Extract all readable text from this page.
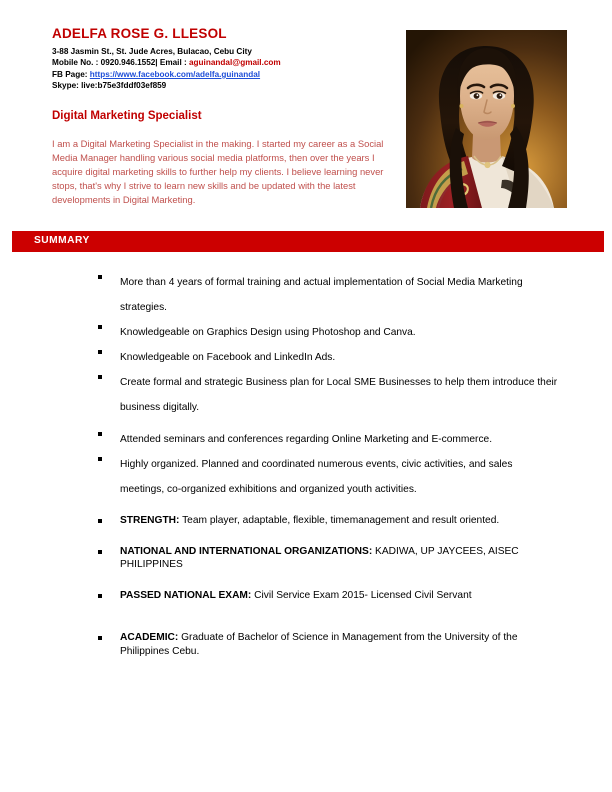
ADELFA ROSE G. LLESOL
3-88 Jasmin St., St. Jude Acres, Bulacao, Cebu City
Mobile No. : 0920.946.1552| Email : aguinandal@gmail.com
FB Page: https://www.facebook.com/adelfa.guinandal
Skype: live:b75e3fddf03ef859
Digital Marketing Specialist
I am a Digital Marketing Specialist in the making. I started my career as a Social Media Manager handling various social media platforms, then over the years I acquire digital marketing skills to further help my clients. I believe learning never stops, that's why I strive to learn new skills and be updated with the latest developments in Digital Marketing.
SUMMARY
More than 4 years of formal training and actual implementation of Social Media Marketing strategies.
Knowledgeable on Graphics Design using Photoshop and Canva.
Knowledgeable on Facebook and LinkedIn Ads.
Create formal and strategic Business plan for Local SME Businesses to help them introduce their business digitally.
Attended seminars and conferences regarding Online Marketing and E-commerce.
Highly organized. Planned and coordinated numerous events, civic activities, and sales meetings, co-organized exhibitions and organized youth activities.
STRENGTH: Team player, adaptable, flexible, timemanagement and result oriented.
NATIONAL AND INTERNATIONAL ORGANIZATIONS: KADIWA, UP JAYCEES, AISEC PHILIPPINES
PASSED NATIONAL EXAM: Civil Service Exam 2015- Licensed Civil Servant
ACADEMIC: Graduate of Bachelor of Science in Management from the University of the Philippines Cebu.
